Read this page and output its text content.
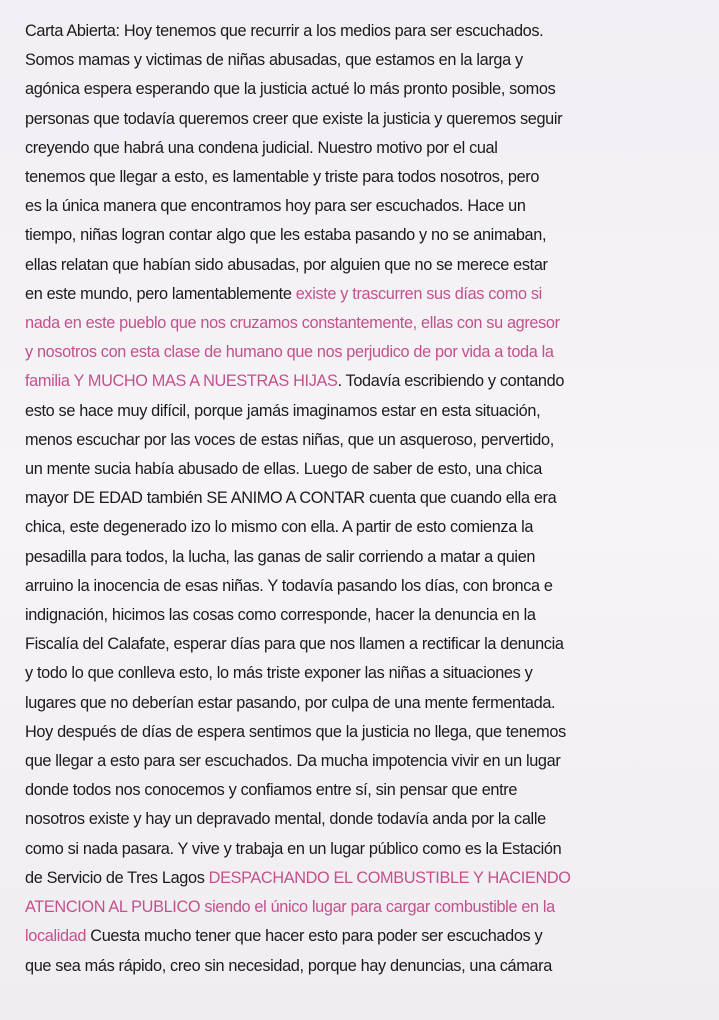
Carta Abierta: Hoy tenemos que recurrir a los medios para ser escuchados.
Somos mamas y victimas de niñas abusadas, que estamos en la larga y
agónica espera esperando que la justicia actué lo más pronto posible, somos
personas que todavía queremos creer que existe la justicia y queremos seguir
creyendo que habrá una condena judicial. Nuestro motivo por el cual
tenemos que llegar a esto, es lamentable y triste para todos nosotros, pero
es la única manera que encontramos hoy para ser escuchados. Hace un
tiempo, niñas logran contar algo que les estaba pasando y no se animaban,
ellas relatan que habían sido abusadas, por alguien que no se merece estar
en este mundo, pero lamentablemente existe y trascurren sus días como si
nada en este pueblo que nos cruzamos constantemente, ellas con su agresor
y nosotros con esta clase de humano que nos perjudico de por vida a toda la
familia Y MUCHO MAS A NUESTRAS HIJAS. Todavía escribiendo y contando
esto se hace muy difícil, porque jamás imaginamos estar en esta situación,
menos escuchar por las voces de estas niñas, que un asqueroso, pervertido,
un mente sucia había abusado de ellas. Luego de saber de esto, una chica
mayor DE EDAD también SE ANIMO A CONTAR cuenta que cuando ella era
chica, este degenerado izo lo mismo con ella. A partir de esto comienza la
pesadilla para todos, la lucha, las ganas de salir corriendo a matar a quien
arruino la inocencia de esas niñas. Y todavía pasando los días, con bronca e
indignación, hicimos las cosas como corresponde, hacer la denuncia en la
Fiscalía del Calafate, esperar días para que nos llamen a rectificar la denuncia
y todo lo que conlleva esto, lo más triste exponer las niñas a situaciones y
lugares que no deberían estar pasando, por culpa de una mente fermentada.
Hoy después de días de espera sentimos que la justicia no llega, que tenemos
que llegar a esto para ser escuchados. Da mucha impotencia vivir en un lugar
donde todos nos conocemos y confiamos entre sí, sin pensar que entre
nosotros existe y hay un depravado mental, donde todavía anda por la calle
como si nada pasara. Y vive y trabaja en un lugar público como es la Estación
de Servicio de Tres Lagos DESPACHANDO EL COMBUSTIBLE Y HACIENDO
ATENCION AL PUBLICO siendo el único lugar para cargar combustible en la
localidad Cuesta mucho tener que hacer esto para poder ser escuchados y
que sea más rápido, creo sin necesidad, porque hay denuncias, una cámara
